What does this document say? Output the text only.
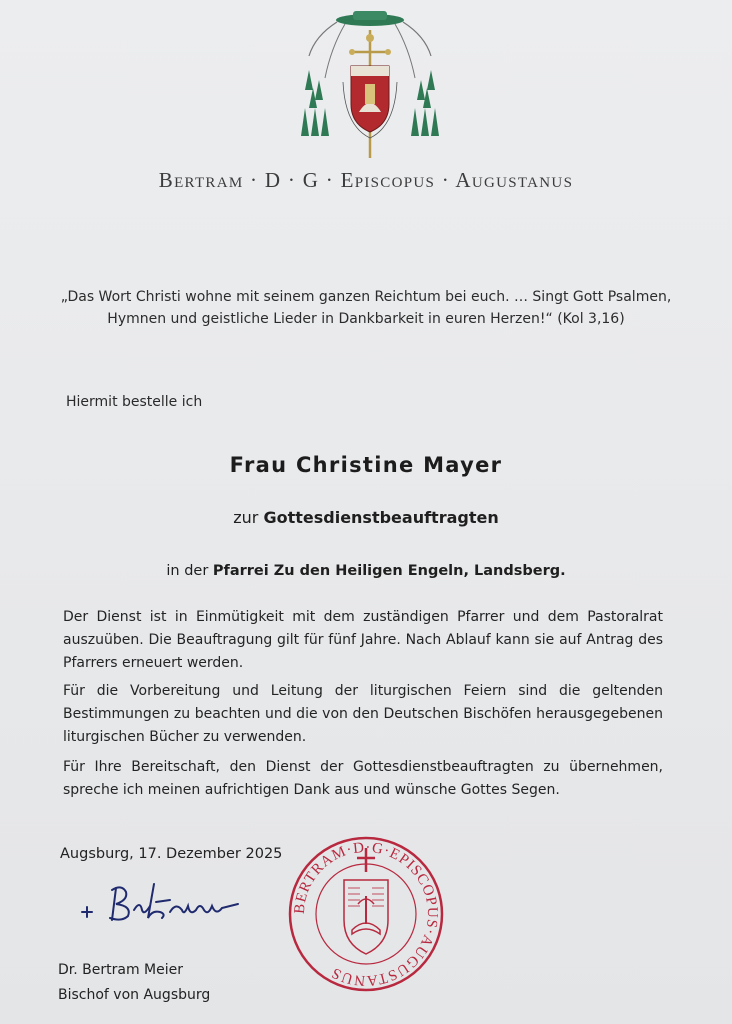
Bertram · D · G · Episcopus · Augustanus
„Das Wort Christi wohne mit seinem ganzen Reichtum bei euch. … Singt Gott Psalmen, Hymnen und geistliche Lieder in Dankbarkeit in euren Herzen!“ (Kol 3,16)
Hiermit bestelle ich
Frau Christine Mayer
zur Gottesdienstbeauftragten
in der Pfarrei Zu den Heiligen Engeln, Landsberg.
Der Dienst ist in Einmütigkeit mit dem zuständigen Pfarrer und dem Pastoralrat auszuüben. Die Beauftragung gilt für fünf Jahre. Nach Ablauf kann sie auf Antrag des Pfarrers erneuert werden.
Für die Vorbereitung und Leitung der liturgischen Feiern sind die geltenden Bestimmungen zu beachten und die von den Deutschen Bischöfen herausgegebenen liturgischen Bücher zu verwenden.
Für Ihre Bereitschaft, den Dienst der Gottesdienstbeauftragten zu übernehmen, spreche ich meinen aufrichtigen Dank aus und wünsche Gottes Segen.
Augsburg, 17. Dezember 2025
Dr. Bertram Meier
Bischof von Augsburg
BERTRAM·D·G·EPISCOPUS·AUGUSTANUS
